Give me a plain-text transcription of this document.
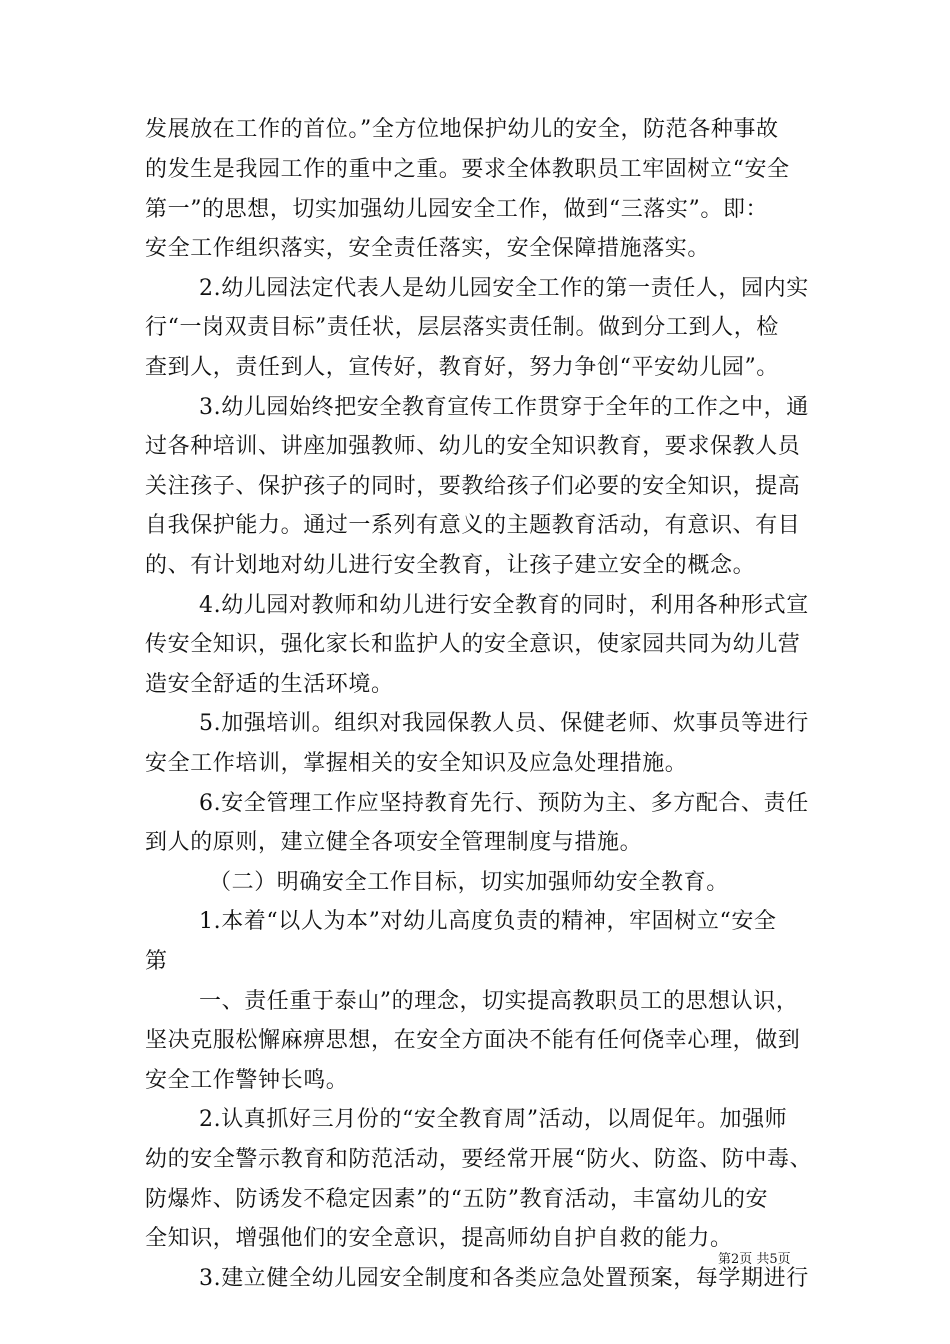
发展放在工作的首位。”全方位地保护幼儿的安全，防范各种事故
的发生是我园工作的重中之重。要求全体教职员工牢固树立“安全
第一”的思想，切实加强幼儿园安全工作，做到“三落实”。即：
安全工作组织落实，安全责任落实，安全保障措施落实。
2.幼儿园法定代表人是幼儿园安全工作的第一责任人，园内实
行“一岗双责目标”责任状，层层落实责任制。做到分工到人，检
查到人，责任到人，宣传好，教育好，努力争创“平安幼儿园”。
3.幼儿园始终把安全教育宣传工作贯穿于全年的工作之中，通
过各种培训、讲座加强教师、幼儿的安全知识教育，要求保教人员
关注孩子、保护孩子的同时，要教给孩子们必要的安全知识，提高
自我保护能力。通过一系列有意义的主题教育活动，有意识、有目
的、有计划地对幼儿进行安全教育，让孩子建立安全的概念。
4.幼儿园对教师和幼儿进行安全教育的同时，利用各种形式宣
传安全知识，强化家长和监护人的安全意识，使家园共同为幼儿营
造安全舒适的生活环境。
5.加强培训。组织对我园保教人员、保健老师、炊事员等进行
安全工作培训，掌握相关的安全知识及应急处理措施。
6.安全管理工作应坚持教育先行、预防为主、多方配合、责任
到人的原则，建立健全各项安全管理制度与措施。
（二）明确安全工作目标，切实加强师幼安全教育。
1.本着“以人为本”对幼儿高度负责的精神，牢固树立“安全
第
一、责任重于泰山”的理念，切实提高教职员工的思想认识，
坚决克服松懈麻痹思想，在安全方面决不能有任何侥幸心理，做到
安全工作警钟长鸣。
2.认真抓好三月份的“安全教育周”活动，以周促年。加强师
幼的安全警示教育和防范活动，要经常开展“防火、防盗、防中毒、
防爆炸、防诱发不稳定因素”的“五防”教育活动，丰富幼儿的安
全知识，增强他们的安全意识，提高师幼自护自救的能力。
3.建立健全幼儿园安全制度和各类应急处置预案，每学期进行
第2页 共5页
